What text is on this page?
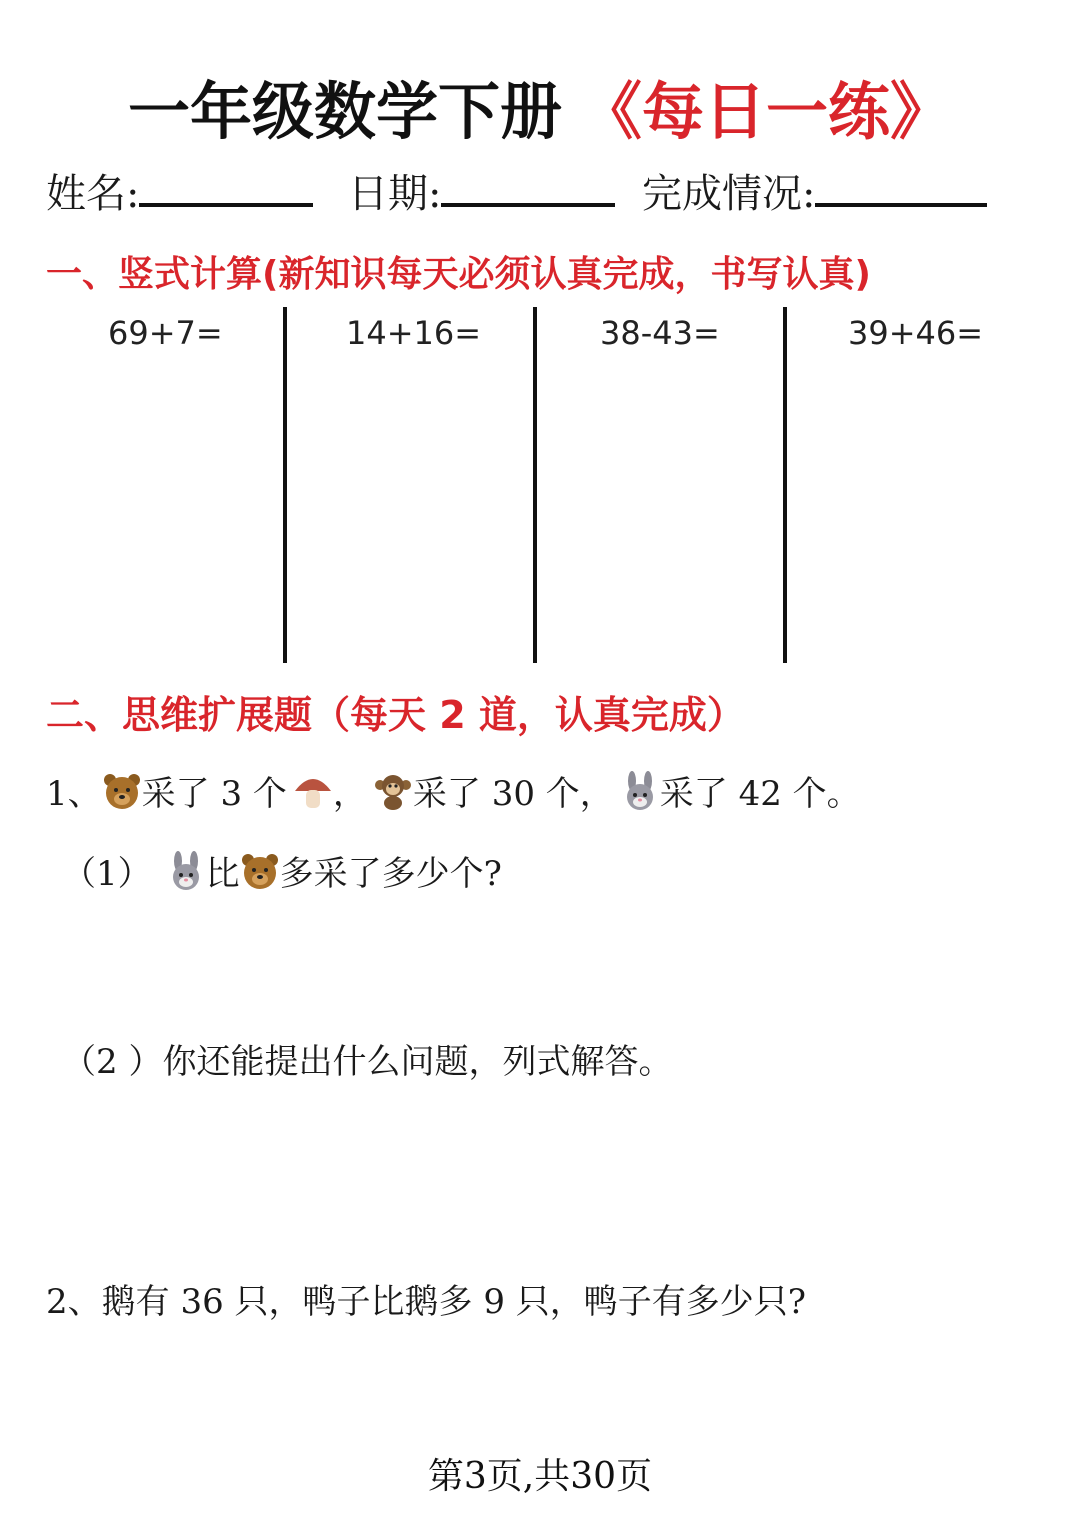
一年级数学下册 《每日一练》
姓名:	日期:	完成情况:
一、竖式计算(新知识每天必须认真完成，书写认真)
69+7=	14+16=	38-43=	39+46=
二、思维扩展题（每天 2 道，认真完成）
1、 采了 3 个 ， 采了 30 个， 采了 42 个。
（1） 比 多采了多少个?
（2 ）你还能提出什么问题，列式解答。
2、鹅有 36 只，鸭子比鹅多 9 只，鸭子有多少只?
第3页,共30页
